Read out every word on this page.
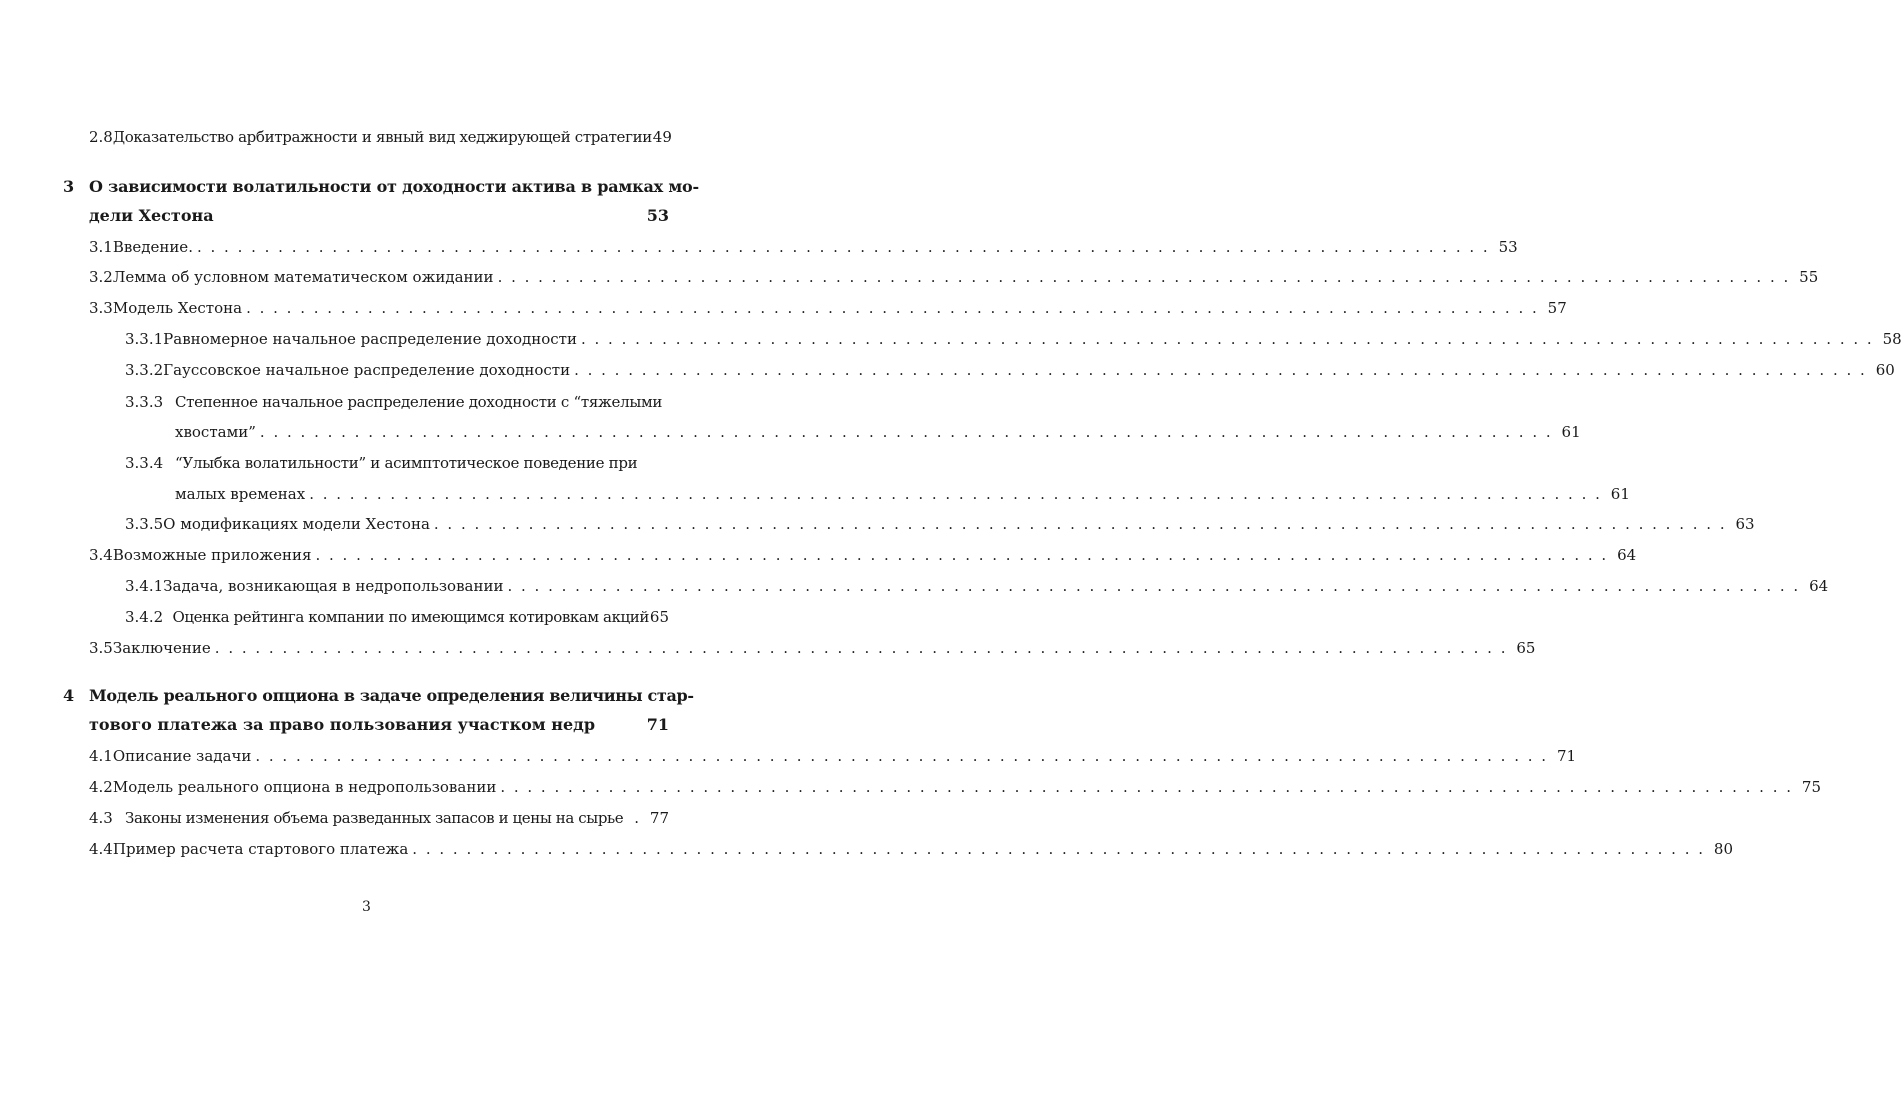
2.8 Доказательство арбитражности и явный вид хеджирующей стратегии 49
3 О зависимости волатильности от доходности актива в рамках мо-
дели Хестона	53
3.1 Введение. . . .	53
3.2 Лемма об условном математическом ожидании . . .	55
3.3 Модель Хестона . . .	57
3.3.1 Равномерное начальное распределение доходности . . .	58
3.3.2 Гауссовское начальное распределение доходности . . .	60
3.3.3 Степенное начальное распределение доходности с “тяжелыми
хвостами” . . .	61
3.3.4 “Улыбка волатильности” и асимптотическое поведение при
малых временах . . .	61
3.3.5 О модификациях модели Хестона . . .	63
3.4 Возможные приложения . . .	64
3.4.1 Задача, возникающая в недропользовании . . .	64
3.4.2 Оценка рейтинга компании по имеющимся котировкам акций 65
3.5 Заключение . . .	65
4 Модель реального опциона в задаче определения величины стар-
тового платежа за право пользования участком недр	71
4.1 Описание задачи . . .	71
4.2 Модель реального опциона в недропользовании . . .	75
4.3 Законы изменения объема разведанных запасов и цены на сырье . 77
4.4 Пример расчета стартового платежа . . .	80
3
